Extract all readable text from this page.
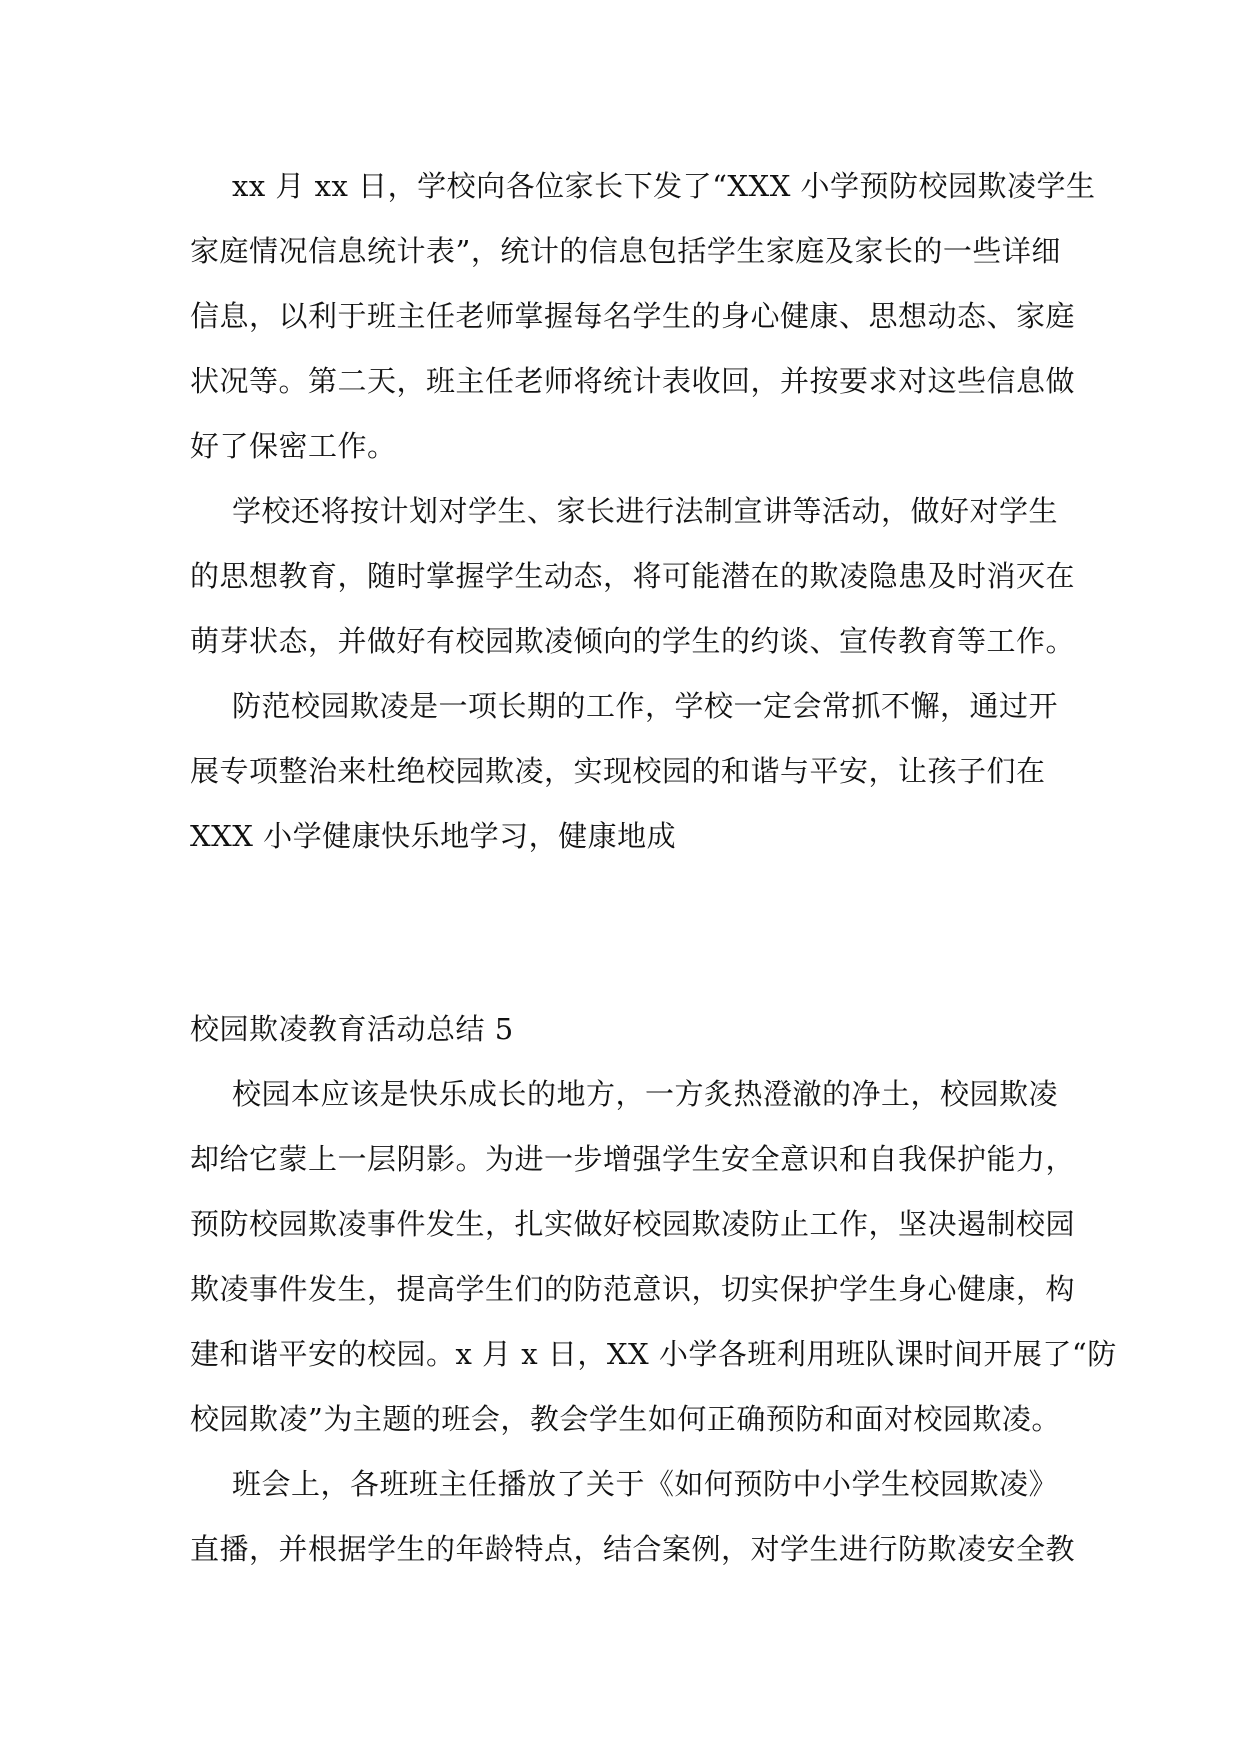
xx 月 xx 日，学校向各位家长下发了“XXX 小学预防校园欺凌学生
家庭情况信息统计表”，统计的信息包括学生家庭及家长的一些详细
信息，以利于班主任老师掌握每名学生的身心健康、思想动态、家庭
状况等。第二天，班主任老师将统计表收回，并按要求对这些信息做
好了保密工作。
学校还将按计划对学生、家长进行法制宣讲等活动，做好对学生
的思想教育，随时掌握学生动态，将可能潜在的欺凌隐患及时消灭在
萌芽状态，并做好有校园欺凌倾向的学生的约谈、宣传教育等工作。
防范校园欺凌是一项长期的工作，学校一定会常抓不懈，通过开
展专项整治来杜绝校园欺凌，实现校园的和谐与平安，让孩子们在
XXX 小学健康快乐地学习，健康地成
校园欺凌教育活动总结 5
校园本应该是快乐成长的地方，一方炙热澄澈的净土，校园欺凌
却给它蒙上一层阴影。为进一步增强学生安全意识和自我保护能力，
预防校园欺凌事件发生，扎实做好校园欺凌防止工作，坚决遏制校园
欺凌事件发生，提高学生们的防范意识，切实保护学生身心健康，构
建和谐平安的校园。x 月 x 日，XX 小学各班利用班队课时间开展了“防
校园欺凌”为主题的班会，教会学生如何正确预防和面对校园欺凌。
班会上，各班班主任播放了关于《如何预防中小学生校园欺凌》
直播，并根据学生的年龄特点，结合案例，对学生进行防欺凌安全教
